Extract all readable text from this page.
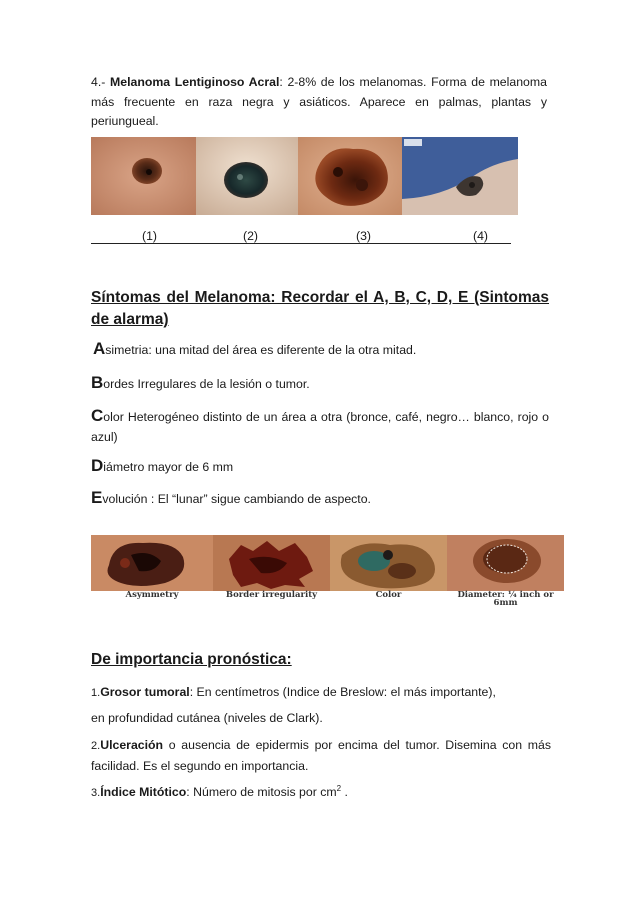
4.- Melanoma Lentiginoso Acral: 2-8% de los melanomas. Forma de melanoma más frecuente en raza negra y asiáticos. Aparece en palmas, plantas y periungueal.
(1)	(2)	(3)	(4)
Síntomas del Melanoma: Recordar el A, B, C, D, E (Sintomas de alarma)
Asimetria: una mitad del área es diferente de la otra mitad.
Bordes Irregulares de la lesión o tumor.
Color Heterogéneo distinto de un área a otra (bronce, café, negro… blanco, rojo o azul)
Diámetro mayor de 6 mm
Evolución : El “lunar” sigue cambiando de aspecto.
Asymmetry	Border irregularity	Color	Diameter: ¼ inch or 6mm
De importancia pronóstica:
1.Grosor tumoral: En centímetros (Indice de Breslow: el más importante),
en profundidad cutánea (niveles de Clark).
2.Ulceración o ausencia de epidermis por encima del tumor. Disemina con más facilidad. Es el segundo en importancia.
3.Índice Mitótico: Número de mitosis por $cm^2$ .
